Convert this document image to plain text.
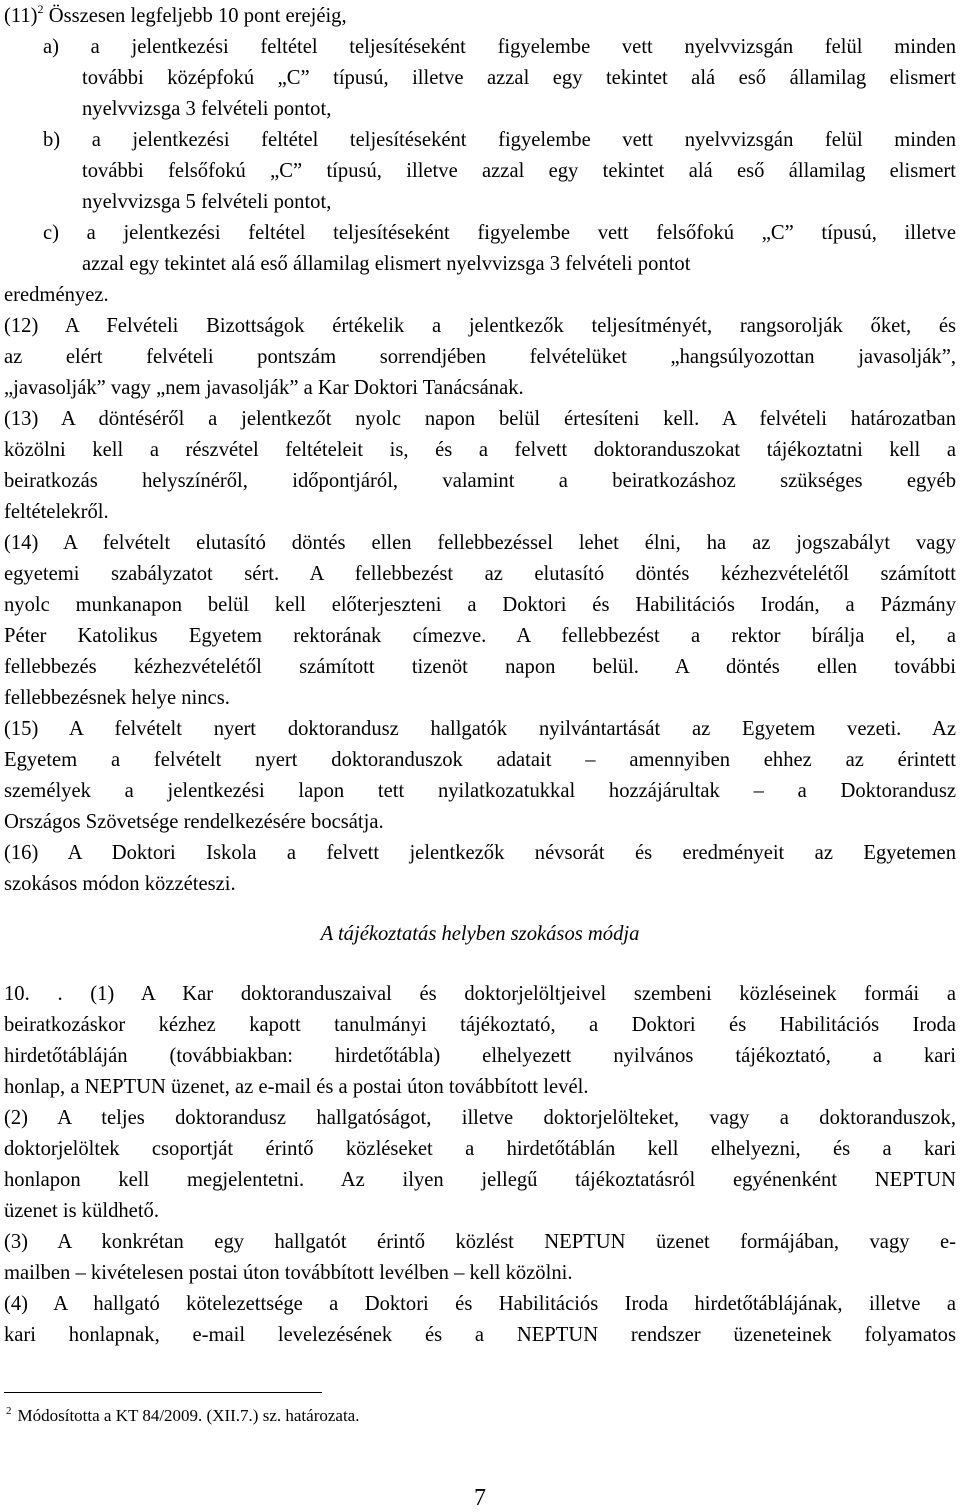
$(11)^2$ Összesen legfeljebb 10 pont erejéig,
a) a jelentkezési feltétel teljesítéseként figyelembe vett nyelvvizsgán felül minden
további középfokú „C” típusú, illetve azzal egy tekintet alá eső államilag elismert
nyelvvizsga 3 felvételi pontot,
b) a jelentkezési feltétel teljesítéseként figyelembe vett nyelvvizsgán felül minden
további felsőfokú „C” típusú, illetve azzal egy tekintet alá eső államilag elismert
nyelvvizsga 5 felvételi pontot,
c) a jelentkezési feltétel teljesítéseként figyelembe vett felsőfokú „C” típusú, illetve
azzal egy tekintet alá eső államilag elismert nyelvvizsga 3 felvételi pontot
eredményez.
(12) A Felvételi Bizottságok értékelik a jelentkezők teljesítményét, rangsorolják őket, és
az elért felvételi pontszám sorrendjében felvételüket „hangsúlyozottan javasolják”,
„javasolják” vagy „nem javasolják” a Kar Doktori Tanácsának.
(13) A döntéséről a jelentkezőt nyolc napon belül értesíteni kell. A felvételi határozatban
közölni kell a részvétel feltételeit is, és a felvett doktoranduszokat tájékoztatni kell a
beiratkozás helyszínéről, időpontjáról, valamint a beiratkozáshoz szükséges egyéb
feltételekről.
(14) A felvételt elutasító döntés ellen fellebbezéssel lehet élni, ha az jogszabályt vagy
egyetemi szabályzatot sért. A fellebbezést az elutasító döntés kézhezvételétől számított
nyolc munkanapon belül kell előterjeszteni a Doktori és Habilitációs Irodán, a Pázmány
Péter Katolikus Egyetem rektorának címezve. A fellebbezést a rektor bírálja el, a
fellebbezés kézhezvételétől számított tizenöt napon belül. A döntés ellen további
fellebbezésnek helye nincs.
(15) A felvételt nyert doktorandusz hallgatók nyilvántartását az Egyetem vezeti. Az
Egyetem a felvételt nyert doktoranduszok adatait – amennyiben ehhez az érintett
személyek a jelentkezési lapon tett nyilatkozatukkal hozzájárultak – a Doktorandusz
Országos Szövetsége rendelkezésére bocsátja.
(16) A Doktori Iskola a felvett jelentkezők névsorát és eredményeit az Egyetemen
szokásos módon közzéteszi.
A tájékoztatás helyben szokásos módja
10. . (1) A Kar doktoranduszaival és doktorjelöltjeivel szembeni közléseinek formái a
beiratkozáskor kézhez kapott tanulmányi tájékoztató, a Doktori és Habilitációs Iroda
hirdetőtábláján (továbbiakban: hirdetőtábla) elhelyezett nyilvános tájékoztató, a kari
honlap, a NEPTUN üzenet, az e-mail és a postai úton továbbított levél.
(2) A teljes doktorandusz hallgatóságot, illetve doktorjelölteket, vagy a doktoranduszok,
doktorjelöltek csoportját érintő közléseket a hirdetőtáblán kell elhelyezni, és a kari
honlapon kell megjelentetni. Az ilyen jellegű tájékoztatásról egyénenként NEPTUN
üzenet is küldhető.
(3) A konkrétan egy hallgatót érintő közlést NEPTUN üzenet formájában, vagy e-
mailben – kivételesen postai úton továbbított levélben – kell közölni.
(4) A hallgató kötelezettsége a Doktori és Habilitációs Iroda hirdetőtáblájának, illetve a
kari honlapnak, e-mail levelezésének és a NEPTUN rendszer üzeneteinek folyamatos
$^2$ Módosította a KT 84/2009. (XII.7.) sz. határozata.
7
